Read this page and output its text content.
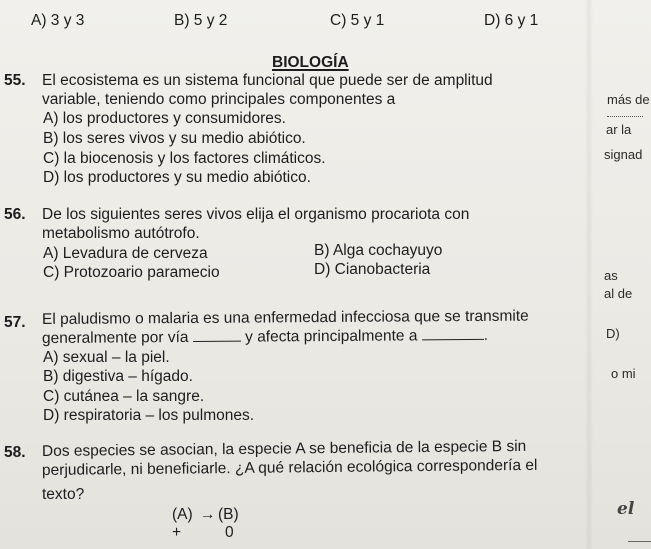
A) 3 y 3	B) 5 y 2	C) 5 y 1	D) 6 y 1
BIOLOGÍA
55. El ecosistema es un sistema funcional que puede ser de amplitud
variable, teniendo como principales componentes a
A) los productores y consumidores.
B) los seres vivos y su medio abiótico.
C) la biocenosis y los factores climáticos.
D) los productores y su medio abiótico.
56. De los siguientes seres vivos elija el organismo procariota con
metabolismo autótrofo.
A) Levadura de cerveza	B) Alga cochayuyo
C) Protozoario paramecio	D) Cianobacteria
57. El paludismo o malaria es una enfermedad infecciosa que se transmite
generalmente por vía	y afecta principalmente a	.
A) sexual – la piel.
B) digestiva – hígado.
C) cutánea – la sangre.
D) respiratoria – los pulmones.
58. Dos especies se asocian, la especie A se beneficia de la especie B sin
perjudicarle, ni beneficiarle. ¿A qué relación ecológica correspondería el
texto?
(A) → (B)
+	0
más de
ar la
signad
as
al de
D)
o mi
el
